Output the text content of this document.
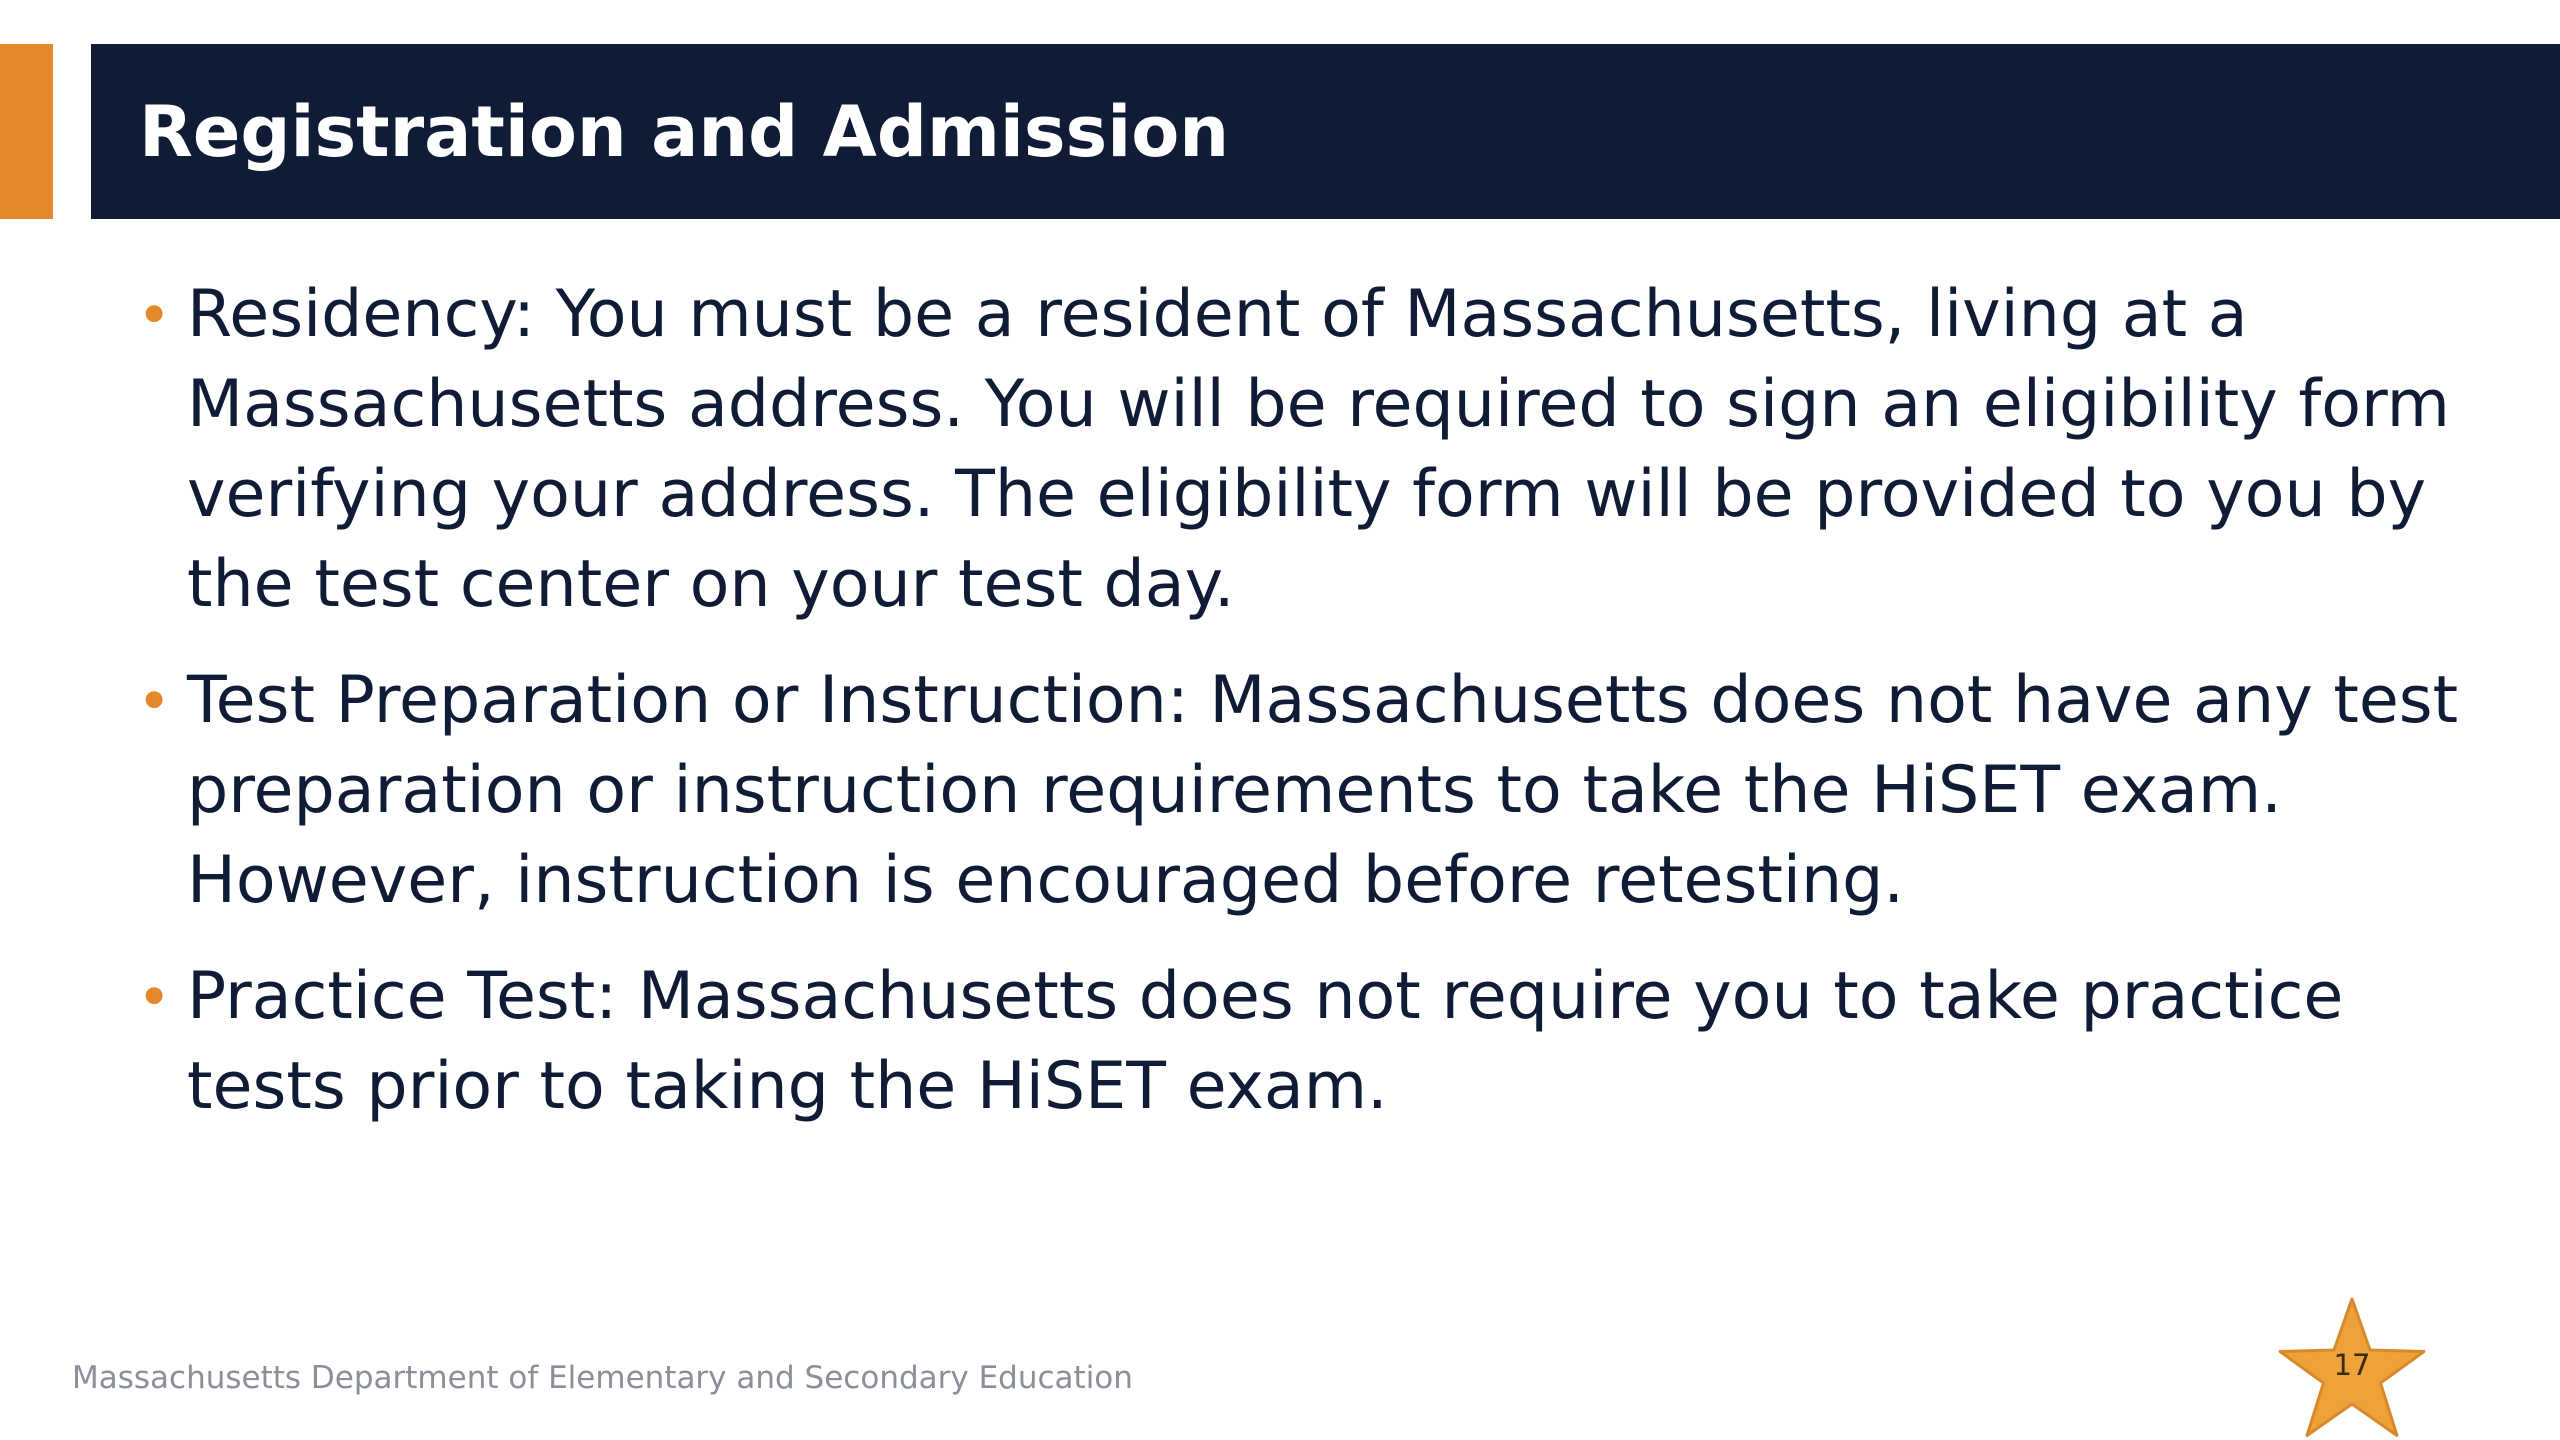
Registration and Admission
• Residency: You must be a resident of Massachusetts, living at a Massachusetts address. You will be required to sign an eligibility form verifying your address. The eligibility form will be provided to you by the test center on your test day.
• Test Preparation or Instruction: Massachusetts does not have any test preparation or instruction requirements to take the HiSET exam. However, instruction is encouraged before retesting.
• Practice Test: Massachusetts does not require you to take practice tests prior to taking the HiSET exam.
Massachusetts Department of Elementary and Secondary Education	17
